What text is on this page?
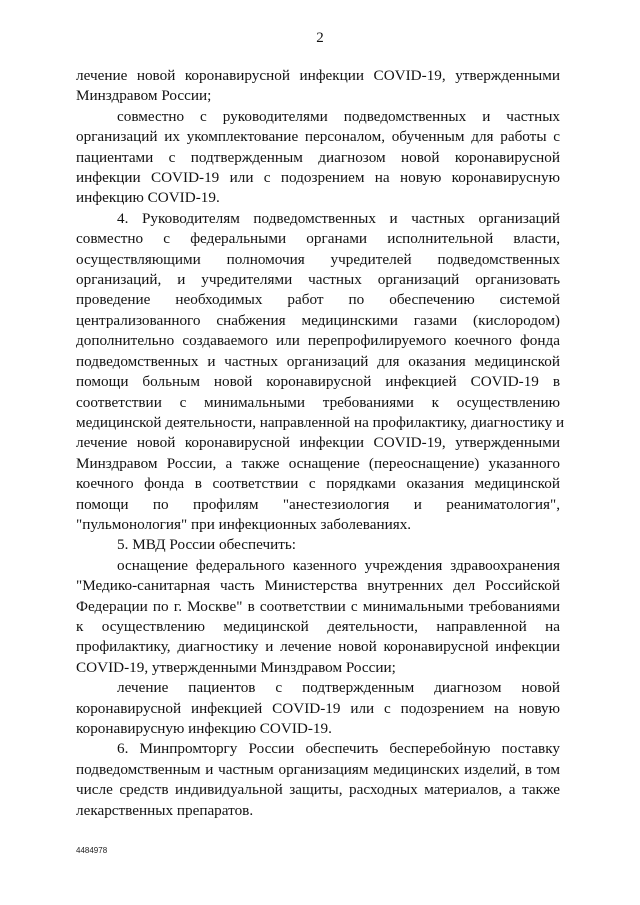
2

лечение новой коронавирусной инфекции COVID-19, утвержденными
Минздравом России;

совместно с руководителями подведомственных и частных
организаций их укомплектование персоналом, обученным для работы с
пациентами с подтвержденным диагнозом новой коронавирусной
инфекции COVID-19 или с подозрением на новую коронавирусную
инфекцию COVID-19.

4. Руководителям подведомственных и частных организаций
совместно с федеральными органами исполнительной власти,
осуществляющими полномочия учредителей подведомственных
организаций, и учредителями частных организаций организовать
проведение необходимых работ по обеспечению системой
централизованного снабжения медицинскими газами (кислородом)
дополнительно создаваемого или перепрофилируемого коечного фонда
подведомственных и частных организаций для оказания медицинской
помощи больным новой коронавирусной инфекцией COVID-19 в
соответствии с минимальными требованиями к осуществлению
медицинской деятельности, направленной на профилактику, диагностику и
лечение новой коронавирусной инфекции COVID-19, утвержденными
Минздравом России, а также оснащение (переоснащение) указанного
коечного фонда в соответствии с порядками оказания медицинской
помощи по профилям "анестезиология и реаниматология",
"пульмонология" при инфекционных заболеваниях.

5. МВД России обеспечить:

оснащение федерального казенного учреждения здравоохранения
"Медико-санитарная часть Министерства внутренних дел Российской
Федерации по г. Москве" в соответствии с минимальными требованиями
к осуществлению медицинской деятельности, направленной на
профилактику, диагностику и лечение новой коронавирусной инфекции
COVID-19, утвержденными Минздравом России;

лечение пациентов с подтвержденным диагнозом новой
коронавирусной инфекцией COVID-19 или с подозрением на новую
коронавирусную инфекцию COVID-19.

6. Минпромторгу России обеспечить бесперебойную поставку
подведомственным и частным организациям медицинских изделий, в том
числе средств индивидуальной защиты, расходных материалов, а также
лекарственных препаратов.

4484978
